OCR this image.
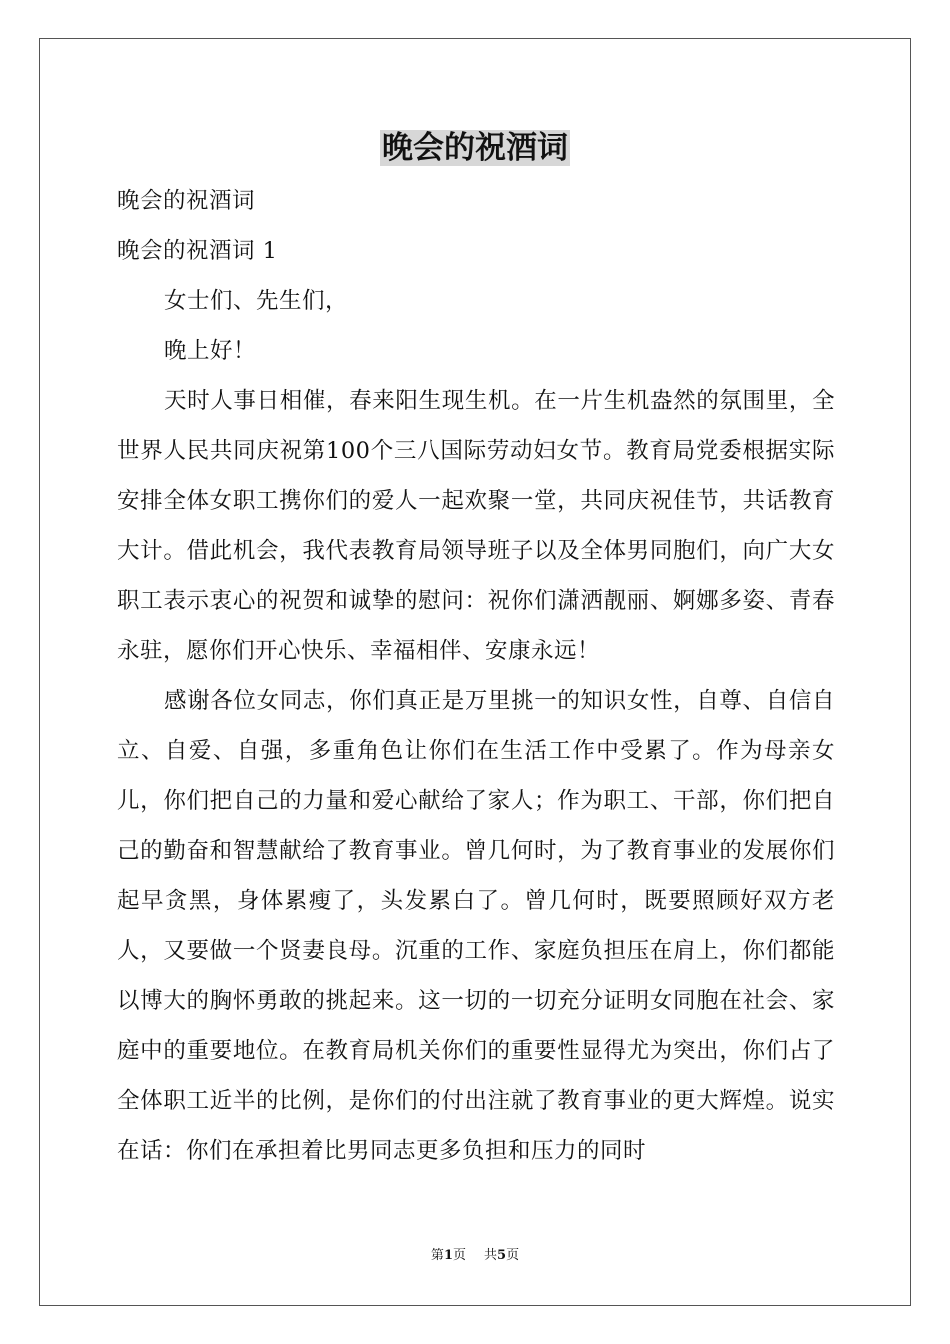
晚会的祝酒词

晚会的祝酒词

晚会的祝酒词 1

女士们、先生们，

晚上好！

天时人事日相催，春来阳生现生机。在一片生机盎然的氛围里，全世界人民共同庆祝第100个三八国际劳动妇女节。教育局党委根据实际安排全体女职工携你们的爱人一起欢聚一堂，共同庆祝佳节，共话教育大计。借此机会，我代表教育局领导班子以及全体男同胞们，向广大女职工表示衷心的祝贺和诚挚的慰问：祝你们潇洒靓丽、婀娜多姿、青春永驻，愿你们开心快乐、幸福相伴、安康永远！

感谢各位女同志，你们真正是万里挑一的知识女性，自尊、自信自立、自爱、自强，多重角色让你们在生活工作中受累了。作为母亲女儿，你们把自己的力量和爱心献给了家人；作为职工、干部，你们把自己的勤奋和智慧献给了教育事业。曾几何时，为了教育事业的发展你们起早贪黑，身体累瘦了，头发累白了。曾几何时，既要照顾好双方老人，又要做一个贤妻良母。沉重的工作、家庭负担压在肩上，你们都能以博大的胸怀勇敢的挑起来。这一切的一切充分证明女同胞在社会、家庭中的重要地位。在教育局机关你们的重要性显得尤为突出，你们占了全体职工近半的比例，是你们的付出注就了教育事业的更大辉煌。说实在话：你们在承担着比男同志更多负担和压力的同时

第1页 共5页
